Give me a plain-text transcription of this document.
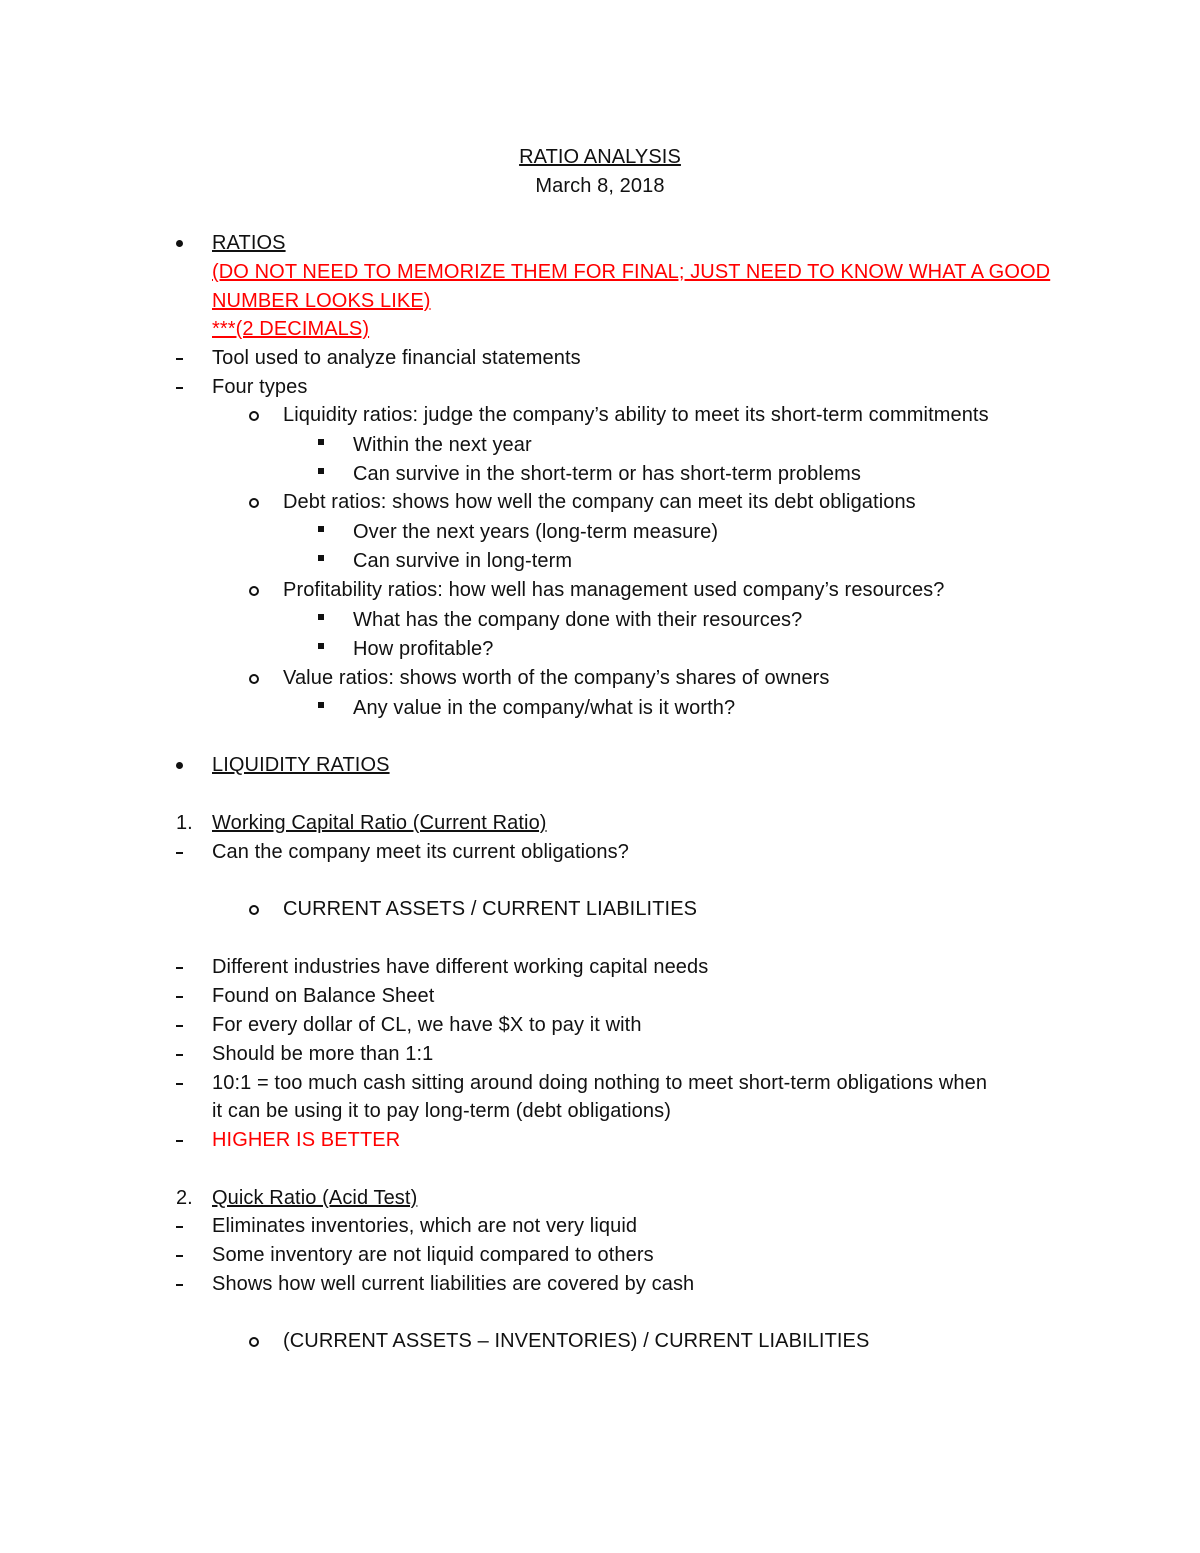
RATIO ANALYSIS
March 8, 2018
RATIOS
(DO NOT NEED TO MEMORIZE THEM FOR FINAL; JUST NEED TO KNOW WHAT A GOOD
NUMBER LOOKS LIKE)
***(2 DECIMALS)
Tool used to analyze financial statements
Four types
Liquidity ratios: judge the company’s ability to meet its short-term commitments
Within the next year
Can survive in the short-term or has short-term problems
Debt ratios: shows how well the company can meet its debt obligations
Over the next years (long-term measure)
Can survive in long-term
Profitability ratios: how well has management used company’s resources?
What has the company done with their resources?
How profitable?
Value ratios: shows worth of the company’s shares of owners
Any value in the company/what is it worth?
LIQUIDITY RATIOS
1. Working Capital Ratio (Current Ratio)
Can the company meet its current obligations?
CURRENT ASSETS / CURRENT LIABILITIES
Different industries have different working capital needs
Found on Balance Sheet
For every dollar of CL, we have $X to pay it with
Should be more than 1:1
10:1 = too much cash sitting around doing nothing to meet short-term obligations when
it can be using it to pay long-term (debt obligations)
HIGHER IS BETTER
2. Quick Ratio (Acid Test)
Eliminates inventories, which are not very liquid
Some inventory are not liquid compared to others
Shows how well current liabilities are covered by cash
(CURRENT ASSETS – INVENTORIES) / CURRENT LIABILITIES
